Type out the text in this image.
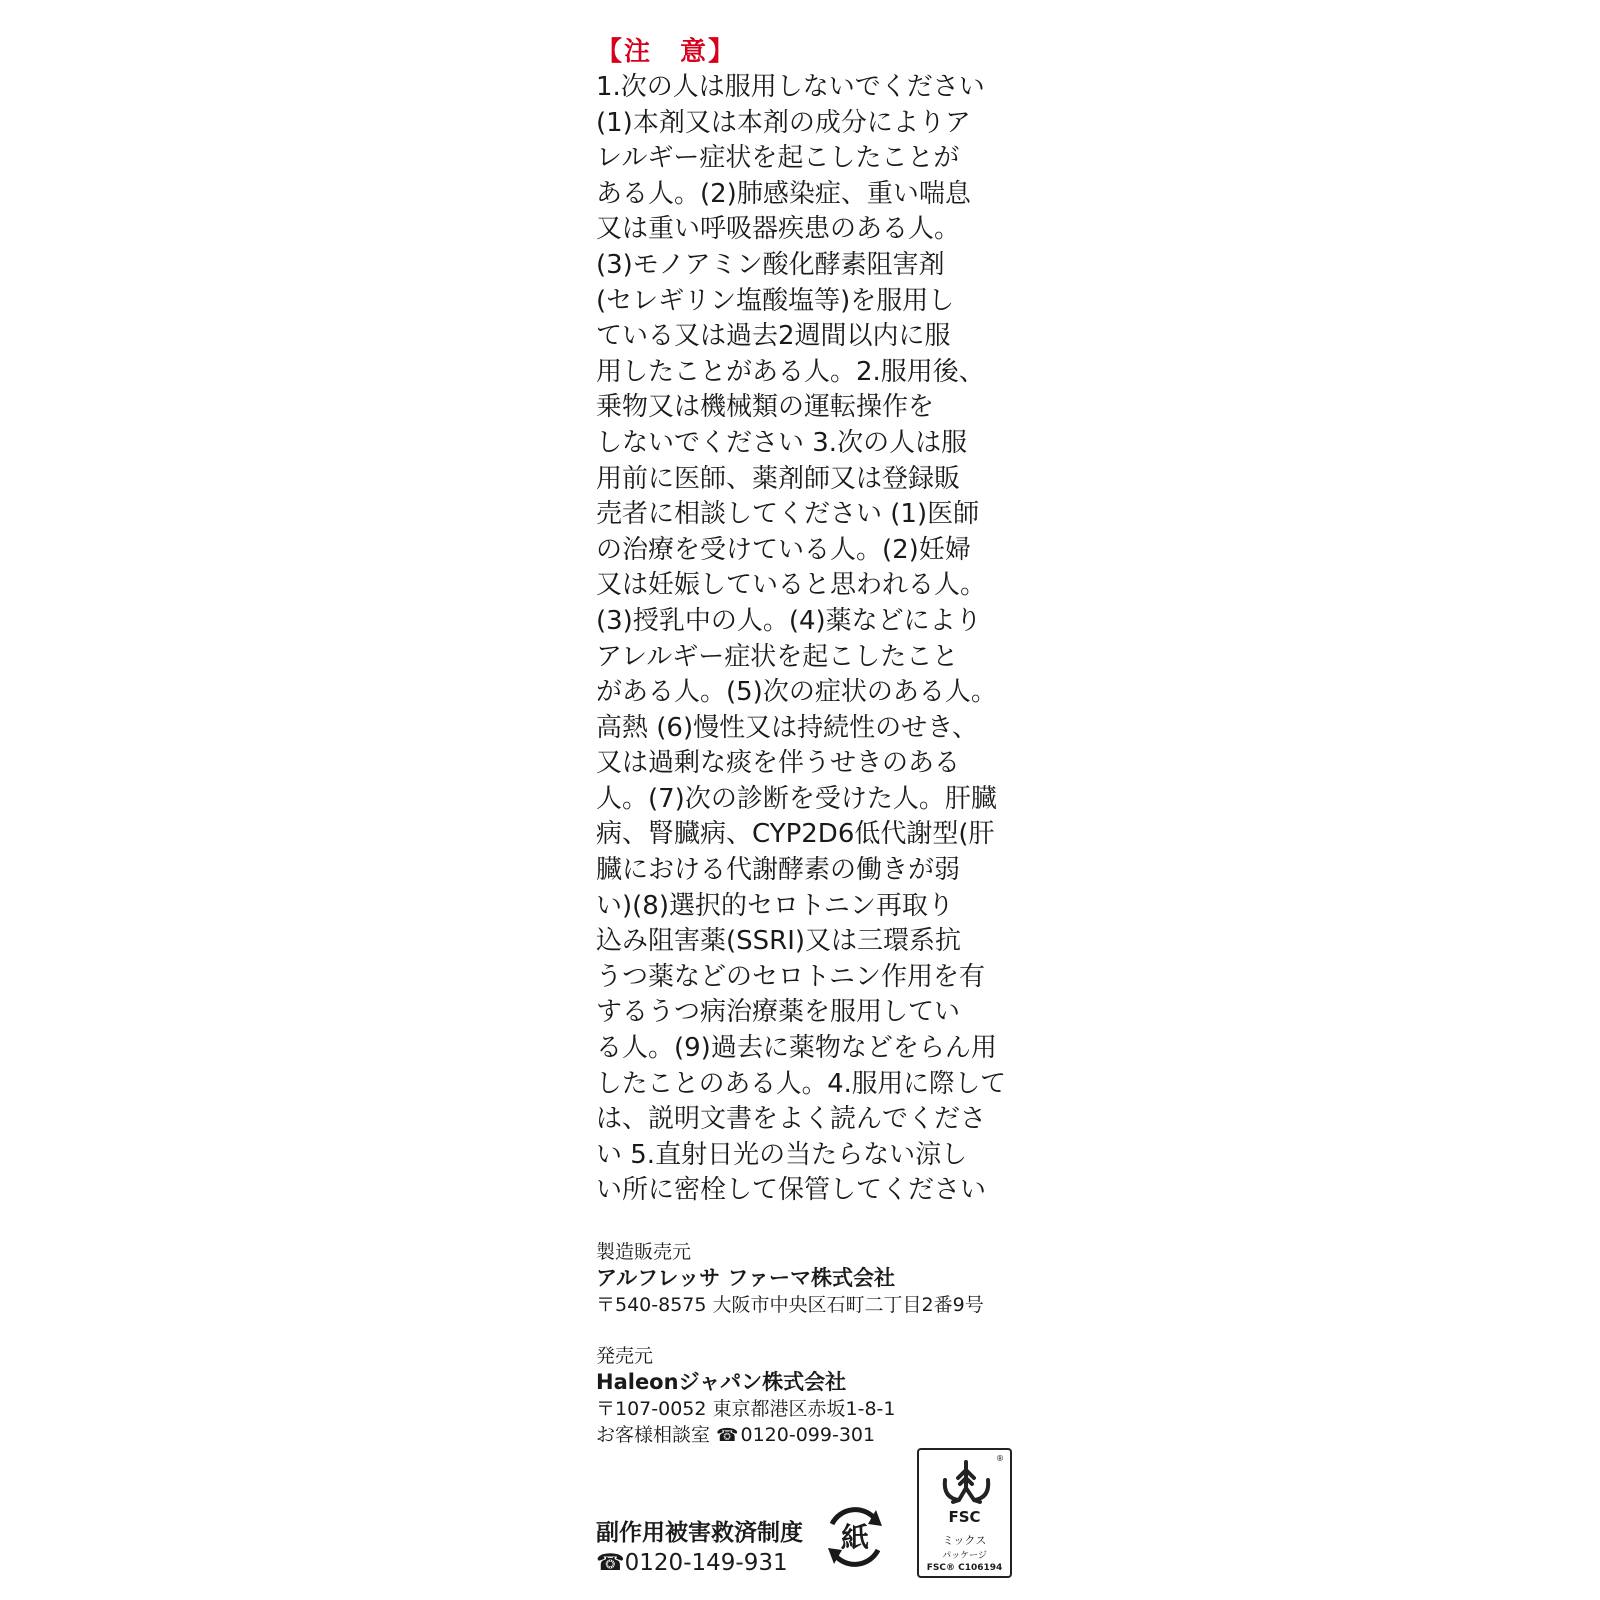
【注　意】
1.次の人は服用しないでください
(1)本剤又は本剤の成分によりア
レルギー症状を起こしたことが
ある人。(2)肺感染症、重い喘息
又は重い呼吸器疾患のある人。
(3)モノアミン酸化酵素阻害剤
(セレギリン塩酸塩等)を服用し
ている又は過去2週間以内に服
用したことがある人。2.服用後、
乗物又は機械類の運転操作を
しないでください 3.次の人は服
用前に医師、薬剤師又は登録販
売者に相談してください (1)医師
の治療を受けている人。(2)妊婦
又は妊娠していると思われる人。
(3)授乳中の人。(4)薬などにより
アレルギー症状を起こしたこと
がある人。(5)次の症状のある人。
高熱 (6)慢性又は持続性のせき、
又は過剰な痰を伴うせきのある
人。(7)次の診断を受けた人。肝臓
病、腎臓病、CYP2D6低代謝型(肝
臓における代謝酵素の働きが弱
い)(8)選択的セロトニン再取り
込み阻害薬(SSRI)又は三環系抗
うつ薬などのセロトニン作用を有
するうつ病治療薬を服用してい
る人。(9)過去に薬物などをらん用
したことのある人。4.服用に際して
は、説明文書をよく読んでくださ
い 5.直射日光の当たらない涼し
い所に密栓して保管してください
製造販売元
アルフレッサ ファーマ株式会社
〒540-8575 大阪市中央区石町二丁目2番9号
発売元
Haleonジャパン株式会社
〒107-0052 東京都港区赤坂1-8-1
お客様相談室 ☎ 0120-099-301
副作用被害救済制度
☎0120-149-931
紙
®
FSC
ミックス
パッケージ
FSC® C106194
